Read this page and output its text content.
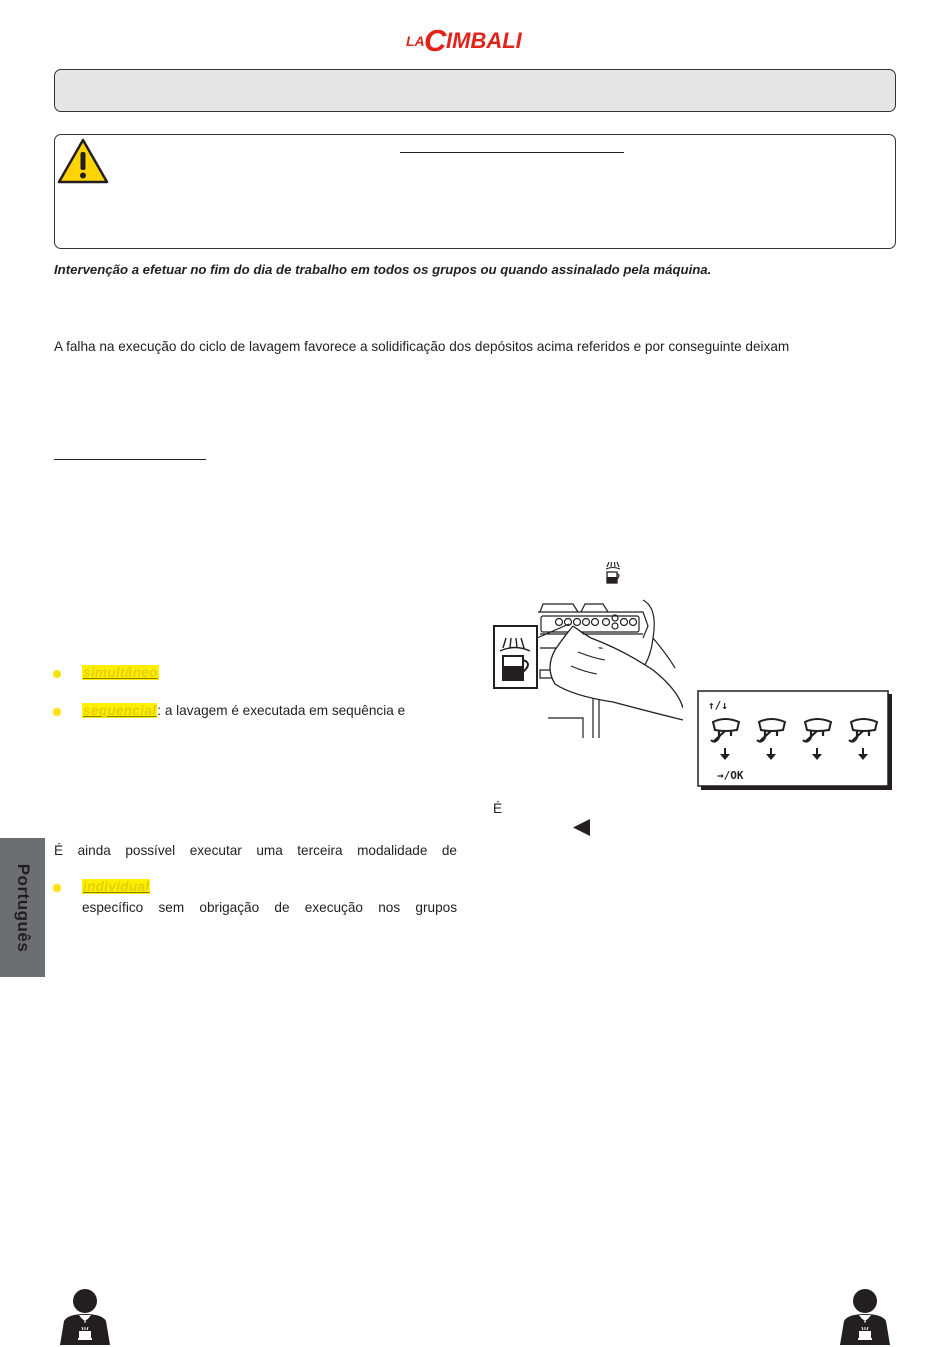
LA C IMBALI
Intervenção a efetuar no fim do dia de trabalho em todos os grupos ou quando assinalado pela máquina.
A falha na execução do ciclo de lavagem favorece a solidificação dos depósitos acima referidos e por conseguinte deixam
↑/↓
→/OK
simultâneo
sequencial: a lavagem é executada em sequência e
É
É ainda possível executar uma terceira modalidade de
individual
específico sem obrigação de execução nos grupos
Português
